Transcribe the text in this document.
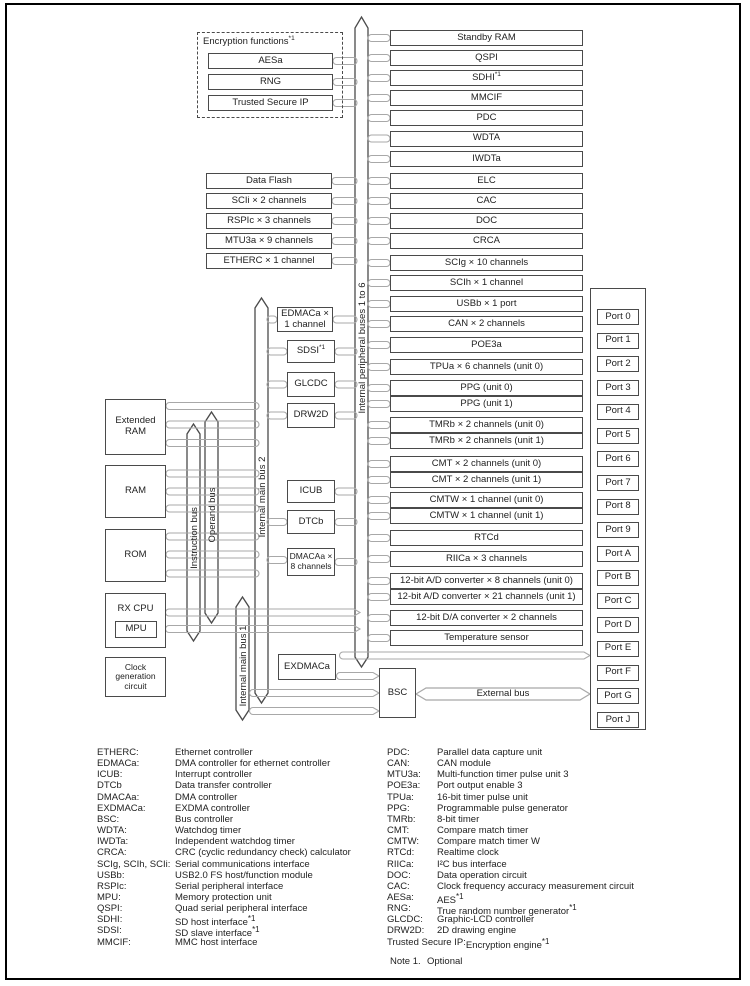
Encryption functions$^{*1}$
Instruction bus Operand bus	Internal main bus 2
Internal main bus 1
Internal peripheral buses 1 to 6
BSC	External bus
Note 1. Optional
AESa
RNG
Trusted Secure IP
Data Flash
SCIi × 2 channels
RSPIc × 3 channels
MTU3a × 9 channels
ETHERC × 1 channel
EDMACa ×
1 channel
SDSI$^{*1}$
GLCDC
DRW2D
ICUB
DTCb
DMACAa ×
8 channels
EXDMACa
Extended
RAM
RAM
ROM
RX CPU
MPU
Clock
generation
circuit
Standby RAM
QSPI
SDHI$^{*1}$
MMCIF
PDC
WDTA
IWDTa
ELC
CAC
DOC
CRCA
SCIg × 10 channels
SCIh × 1 channel
USBb × 1 port
CAN × 2 channels
POE3a
TPUa × 6 channels (unit 0)
PPG (unit 0)
PPG (unit 1)
TMRb × 2 channels (unit 0)
TMRb × 2 channels (unit 1)
CMT × 2 channels (unit 0)
CMT × 2 channels (unit 1)
CMTW × 1 channel (unit 0)
CMTW × 1 channel (unit 1)
RTCd
RIICa × 3 channels
12-bit A/D converter × 8 channels (unit 0)
12-bit A/D converter × 21 channels (unit 1)
12-bit D/A converter × 2 channels
Temperature sensor
Port 0
Port 1
Port 2
Port 3
Port 4
Port 5
Port 6
Port 7
Port 8
Port 9
Port A
Port B
Port C
Port D
Port E
Port F
Port G
Port J
ETHERC:	Ethernet controller
EDMACa:	DMA controller for ethernet controller
ICUB:	Interrupt controller
DTCb	Data transfer controller
DMACAa:	DMA controller
EXDMACa:	EXDMA controller
BSC:	Bus controller
WDTA:	Watchdog timer
IWDTa:	Independent watchdog timer
CRCA:	CRC (cyclic redundancy check) calculator
SCIg, SCIh, SCIi: Serial communications interface
USBb:	USB2.0 FS host/function module
RSPIc:	Serial peripheral interface
MPU:	Memory protection unit
QSPI:	Quad serial peripheral interface
SDHI:	SD host interface$^{*1}$
SDSI:	SD slave interface$^{*1}$
MMCIF:	MMC host interface
PDC:	Parallel data capture unit
CAN:	CAN module
MTU3a: Multi-function timer pulse unit 3
POE3a: Port output enable 3
TPUa: 16-bit timer pulse unit
PPG:	Programmable pulse generator
TMRb: 8-bit timer
CMT:	Compare match timer
CMTW: Compare match timer W
RTCd: Realtime clock
RIICa: I²C bus interface
DOC:	Data operation circuit
CAC:	Clock frequency accuracy measurement circuit
AESa: AES$^{*1}$
RNG:	True random number generator$^{*1}$
GLCDC: Graphic-LCD controller
DRW2D: 2D drawing engine
Trusted Secure IP:Encryption engine$^{*1}$
